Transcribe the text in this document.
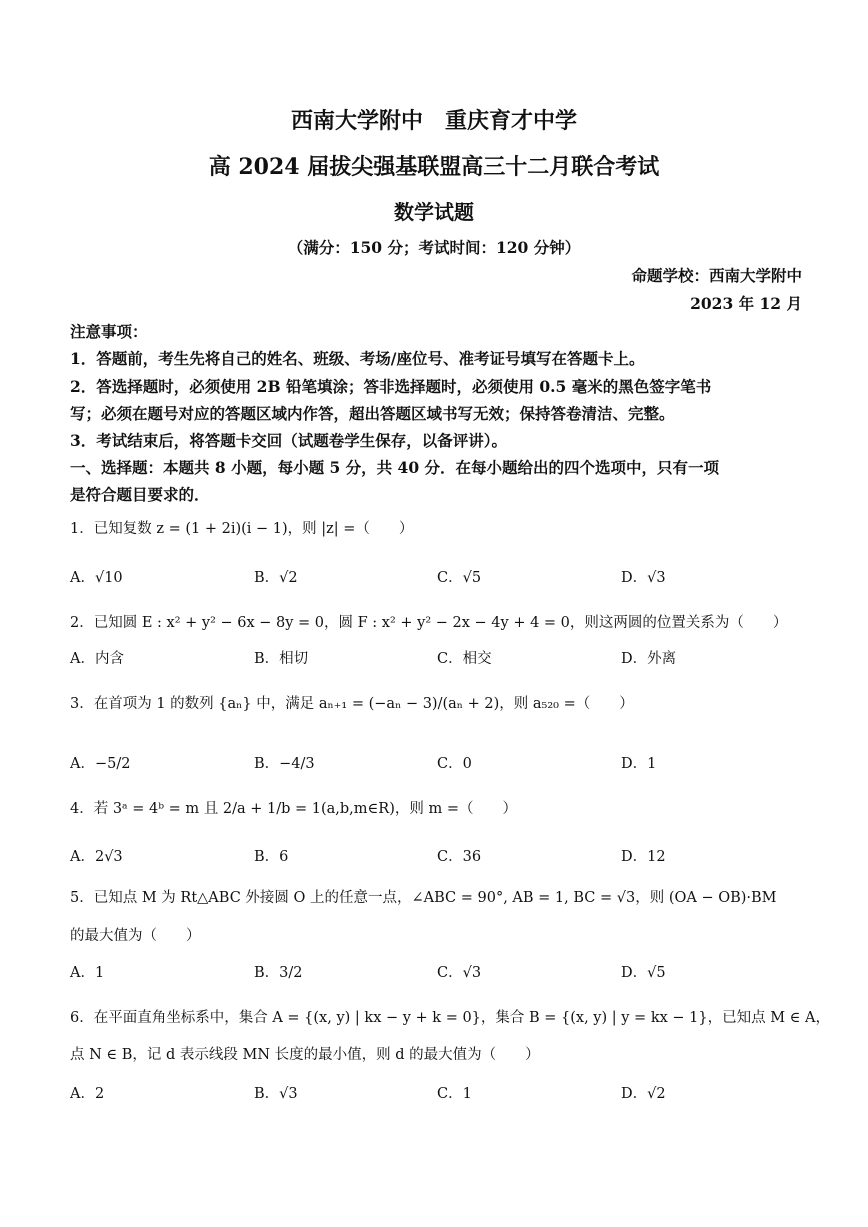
西南大学附中　重庆育才中学
高 2024 届拔尖强基联盟高三十二月联合考试
数学试题
（满分：150 分；考试时间：120 分钟）
命题学校：西南大学附中
2023 年 12 月
注意事项：
1．答题前，考生先将自己的姓名、班级、考场/座位号、准考证号填写在答题卡上。
2．答选择题时，必须使用 2B 铅笔填涂；答非选择题时，必须使用 0.5 毫米的黑色签字笔书
写；必须在题号对应的答题区域内作答，超出答题区域书写无效；保持答卷清洁、完整。
3．考试结束后，将答题卡交回（试题卷学生保存，以备评讲）。
一、选择题：本题共 8 小题，每小题 5 分，共 40 分．在每小题给出的四个选项中，只有一项
是符合题目要求的．
1．已知复数 z = (1 + 2i)(i − 1)，则 |z| =（　　）
A．√10	B．√2	C．√5	D．√3
2．已知圆 E : x² + y² − 6x − 8y = 0，圆 F : x² + y² − 2x − 4y + 4 = 0，则这两圆的位置关系为（　　）
A．内含	B．相切	C．相交	D．外离
3．在首项为 1 的数列 {aₙ} 中，满足 aₙ₊₁ = (−aₙ − 3)/(aₙ + 2)，则 a₅₂₀ =（　　）
A．−5/2	B．−4/3	C．0	D．1
4．若 3ᵃ = 4ᵇ = m 且 2/a + 1/b = 1(a,b,m∈R)，则 m =（　　）
A．2√3	B．6	C．36	D．12
5．已知点 M 为 Rt△ABC 外接圆 O 上的任意一点，∠ABC = 90°, AB = 1, BC = √3，则 (OA − OB)·BM
的最大值为（　　）
A．1	B．3/2	C．√3	D．√5
6．在平面直角坐标系中，集合 A = {(x, y) | kx − y + k = 0}，集合 B = {(x, y) | y = kx − 1}，已知点 M ∈ A，
点 N ∈ B，记 d 表示线段 MN 长度的最小值，则 d 的最大值为（　　）
A．2	B．√3	C．1	D．√2
